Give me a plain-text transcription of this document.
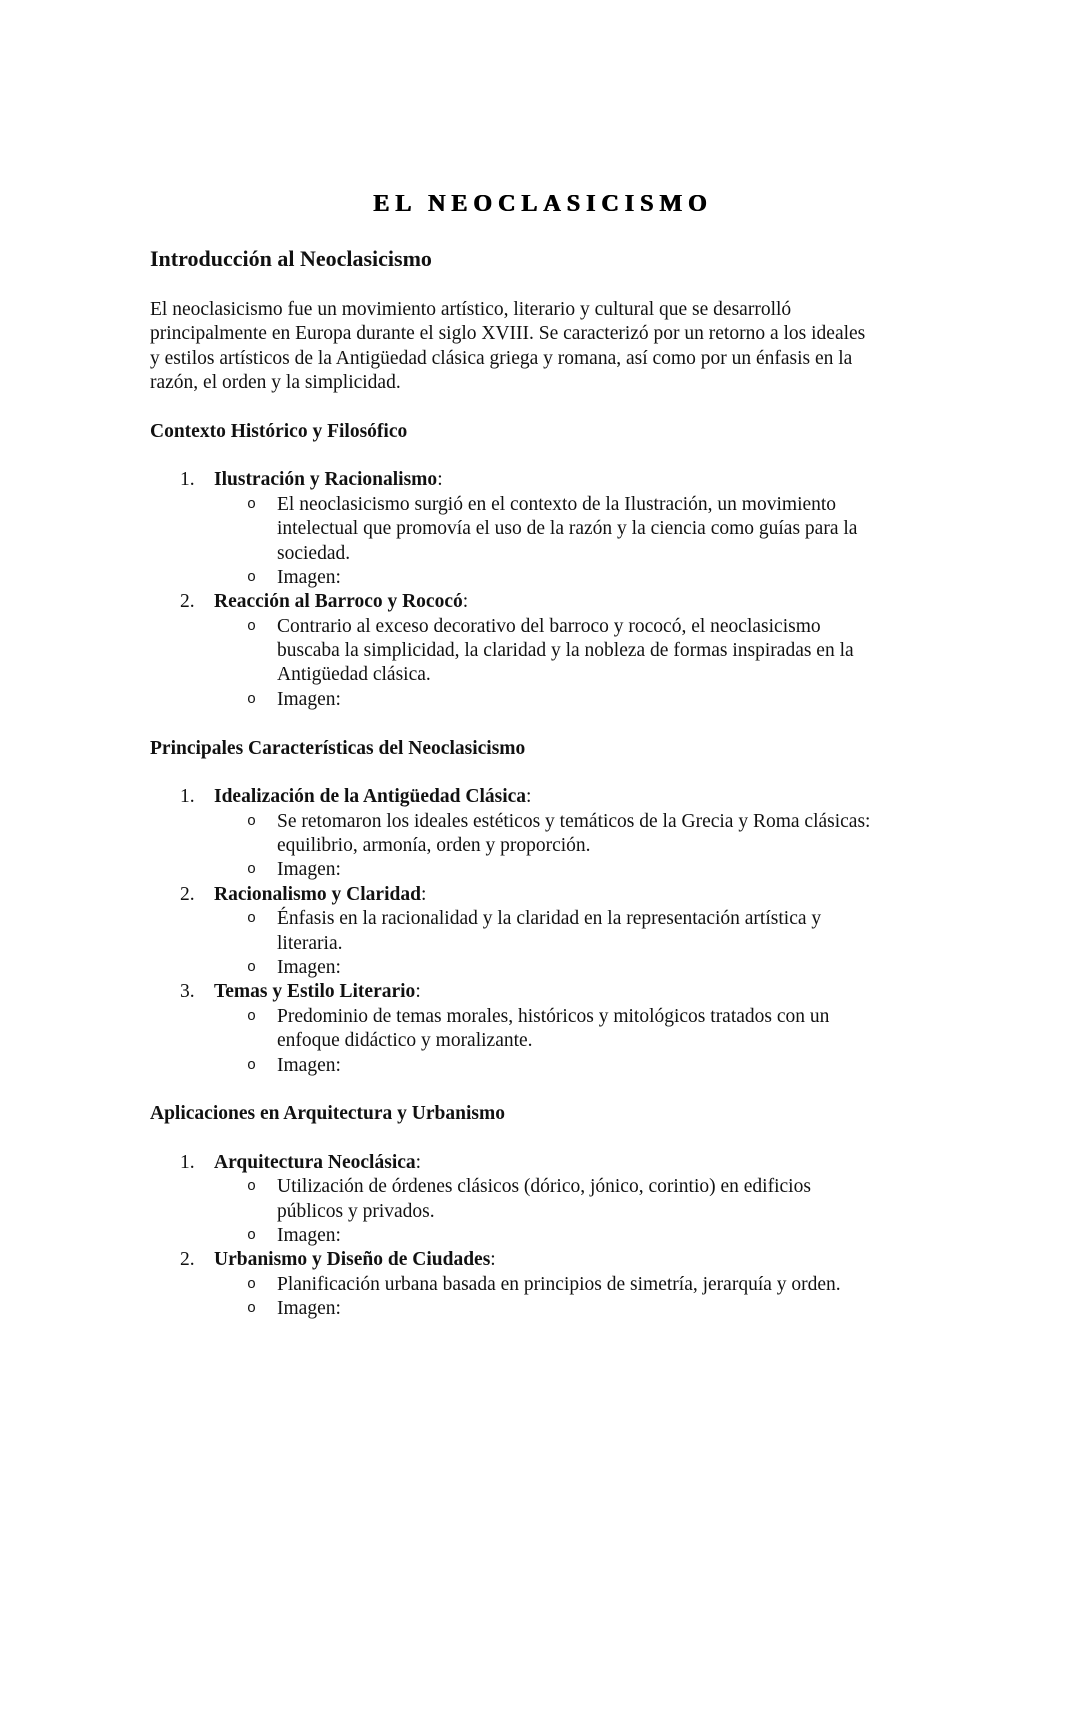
EL NEOCLASICISMO
Introducción al Neoclasicismo
El neoclasicismo fue un movimiento artístico, literario y cultural que se desarrolló
principalmente en Europa durante el siglo XVIII. Se caracterizó por un retorno a los ideales
y estilos artísticos de la Antigüedad clásica griega y romana, así como por un énfasis en la
razón, el orden y la simplicidad.
Contexto Histórico y Filosófico
1. Ilustración y Racionalismo:
o El neoclasicismo surgió en el contexto de la Ilustración, un movimiento
intelectual que promovía el uso de la razón y la ciencia como guías para la
sociedad.
o Imagen:
2. Reacción al Barroco y Rococó:
o Contrario al exceso decorativo del barroco y rococó, el neoclasicismo
buscaba la simplicidad, la claridad y la nobleza de formas inspiradas en la
Antigüedad clásica.
o Imagen:
Principales Características del Neoclasicismo
1. Idealización de la Antigüedad Clásica:
o Se retomaron los ideales estéticos y temáticos de la Grecia y Roma clásicas:
equilibrio, armonía, orden y proporción.
o Imagen:
2. Racionalismo y Claridad:
o Énfasis en la racionalidad y la claridad en la representación artística y
literaria.
o Imagen:
3. Temas y Estilo Literario:
o Predominio de temas morales, históricos y mitológicos tratados con un
enfoque didáctico y moralizante.
o Imagen:
Aplicaciones en Arquitectura y Urbanismo
1. Arquitectura Neoclásica:
o Utilización de órdenes clásicos (dórico, jónico, corintio) en edificios
públicos y privados.
o Imagen:
2. Urbanismo y Diseño de Ciudades:
o Planificación urbana basada en principios de simetría, jerarquía y orden.
o Imagen:
